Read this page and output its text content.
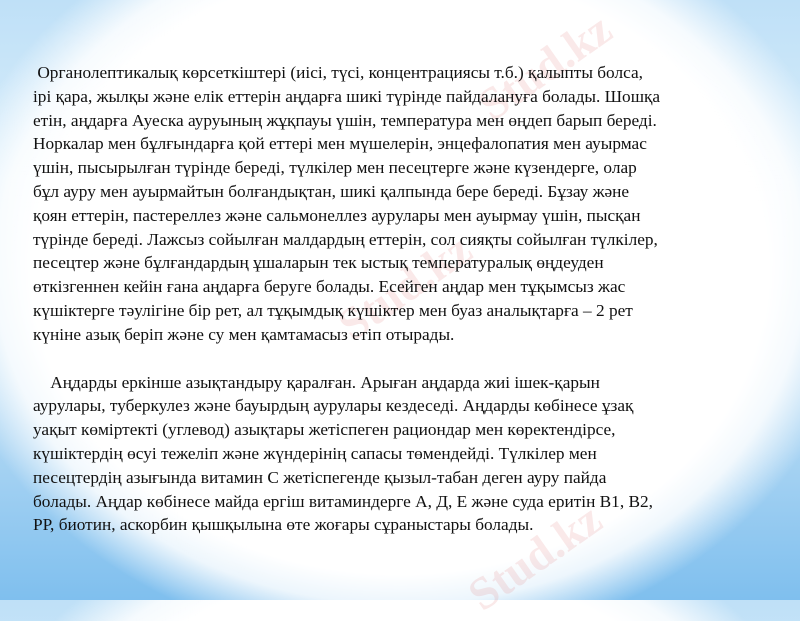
Stud.kz
Stud.kz
Stud.kz
Органолептикалық көрсеткіштері (иісі, түсі, концентрациясы т.б.) қалыпты болса,
ірі қара, жылқы және елік еттерін аңдарға шикі түрінде пайдалануға болады. Шошқа
етін, аңдарға Ауеска ауруының жұқпауы үшін, температура мен өңдеп барып береді.
Норкалар мен бұлғындарға қой еттері мен мүшелерін, энцефалопатия мен ауырмас
үшін, пысырылған түрінде береді, түлкілер мен песецтерге және күзендерге, олар
бұл ауру мен ауырмайтын болғандықтан, шикі қалпында бере береді. Бұзау және
қоян еттерін, пастереллез және сальмонеллез аурулары мен ауырмау үшін, пысқан
түрінде береді. Лажсыз сойылған малдардың еттерін, сол сияқты сойылған түлкілер,
песецтер және бұлғандардың ұшаларын тек ыстық температуралық өңдеуден
өткізгеннен кейін ғана аңдарға беруге болады. Есейген аңдар мен тұқымсыз жас
күшіктерге тәулігіне бір рет, ал тұқымдық күшіктер мен буаз аналықтарға – 2 рет
күніне азық беріп және су мен қамтамасыз етіп отырады.
Аңдарды еркінше азықтандыру қаралған. Арыған аңдарда жиі ішек-қарын
аурулары, туберкулез және бауырдың аурулары кездеседі. Аңдарды көбінесе ұзақ
уақыт көміртекті (углевод) азықтары жетіспеген рациондар мен көректендірсе,
күшіктердің өсуі тежеліп және жүндерінің сапасы төмендейді. Түлкілер мен
песецтердің азығында витамин С жетіспегенде қызыл-табан деген ауру пайда
болады. Аңдар көбінесе майда ергіш витаминдерге А, Д, Е және суда еритін В1, В2,
РР, биотин, аскорбин қышқылына өте жоғары сұраныстары болады.
